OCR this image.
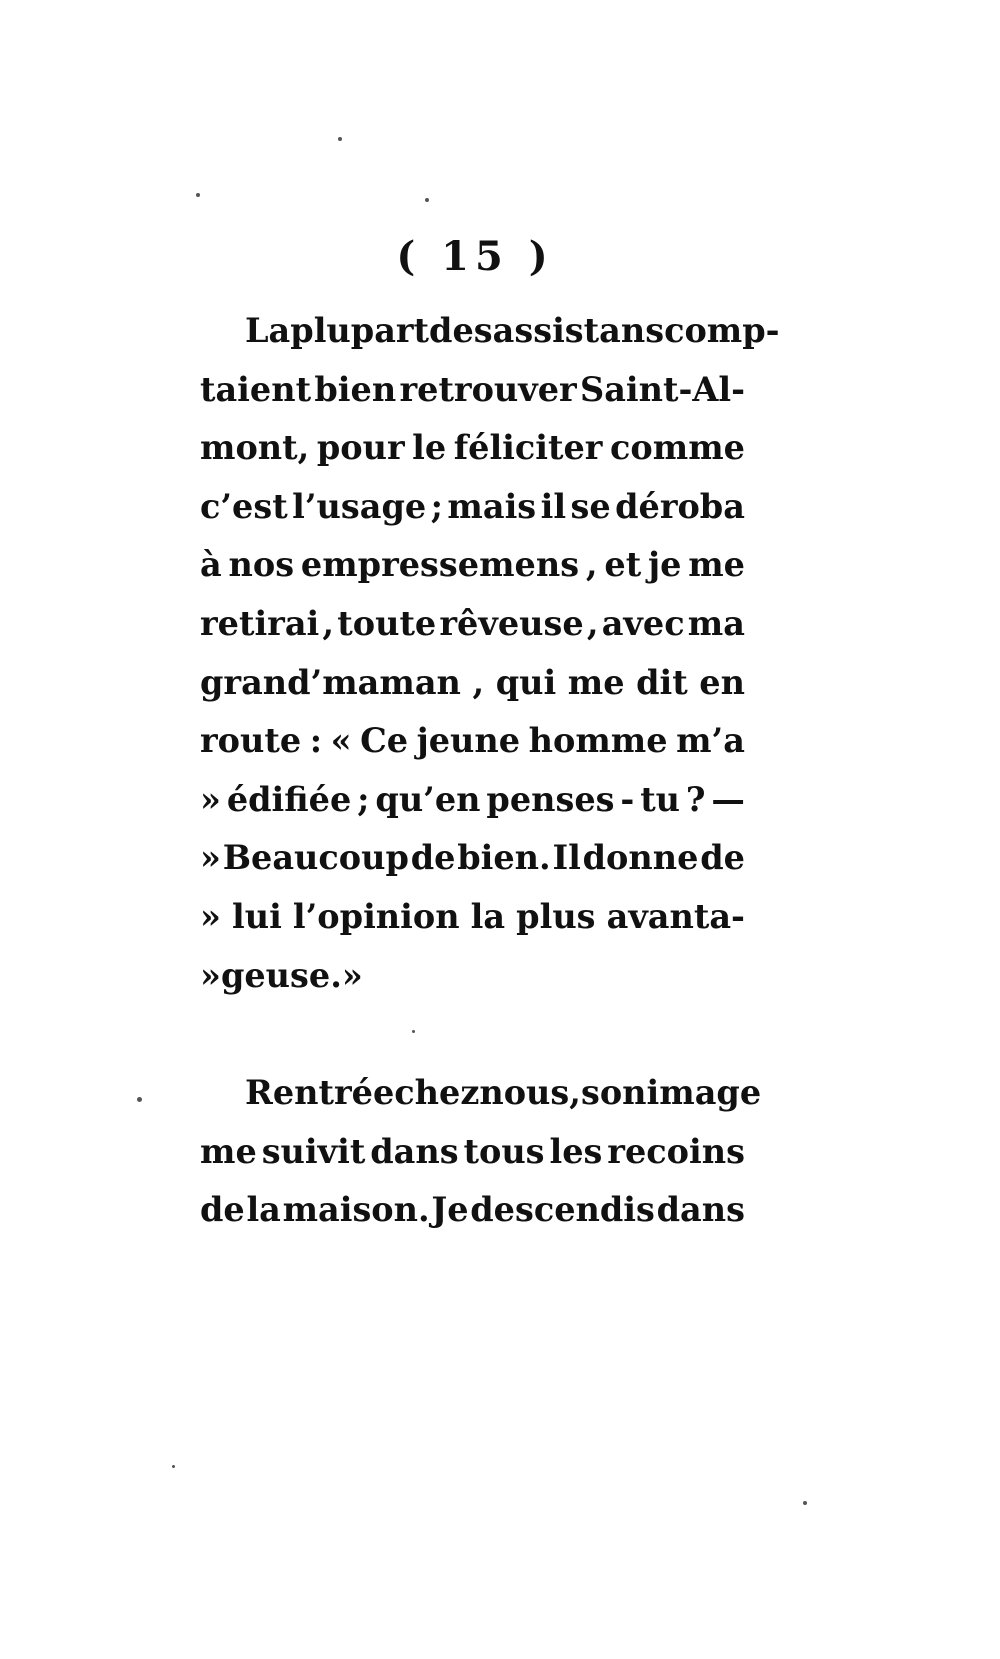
( 15 )
La plupart des assistans comp-
taient bien retrouver Saint-Al-
mont, pour le féliciter comme
c’est l’usage ; mais il se déroba
à nos empressemens , et je me
retirai , toute rêveuse , avec ma
grand’maman , qui me dit en
route : « Ce jeune homme m’a
» édifiée ; qu’en penses - tu ? —
» Beaucoup de bien. Il donne de
» lui l’opinion la plus avanta-
» geuse. »
Rentrée chez nous, son image
me suivit dans tous les recoins
de la maison. Je descendis dans
